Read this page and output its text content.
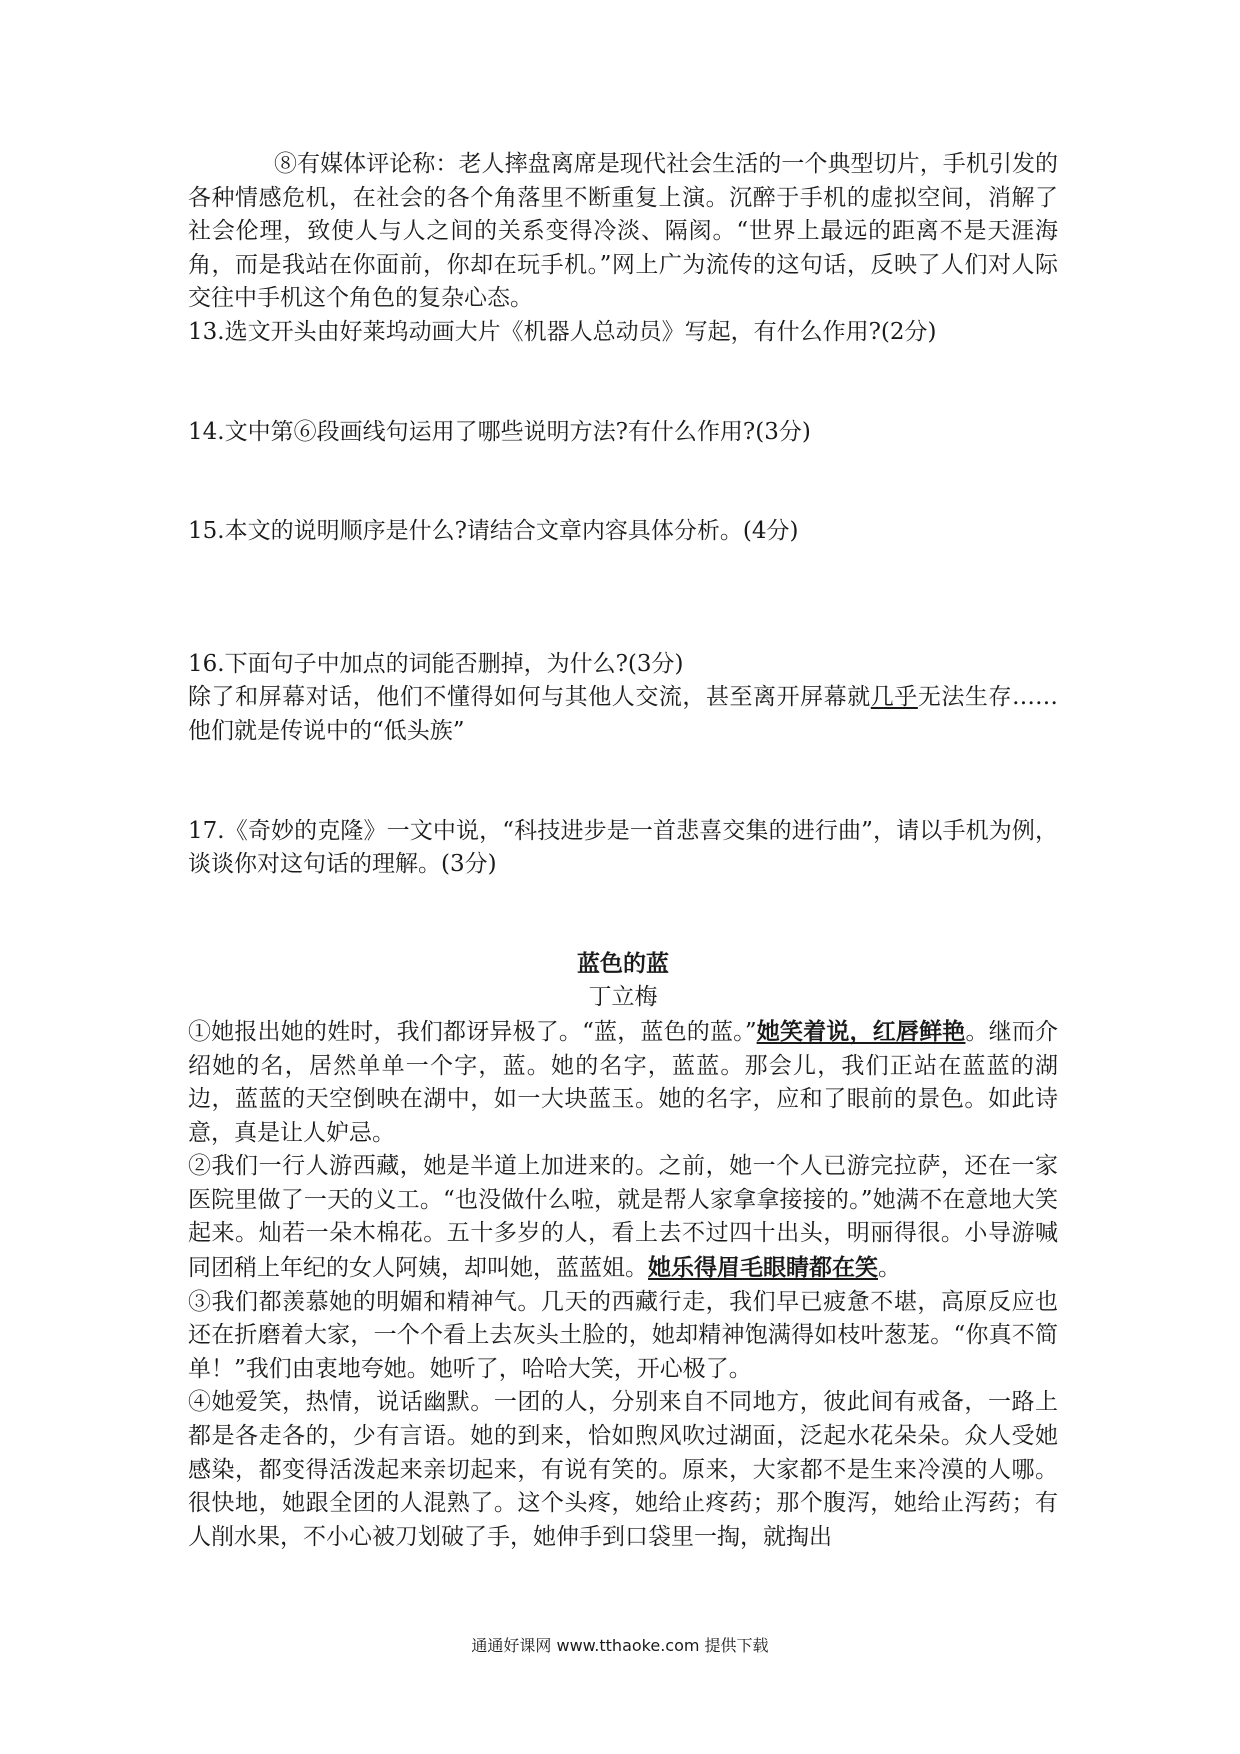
⑧有媒体评论称：老人摔盘离席是现代社会生活的一个典型切片，手机引发的各种情感危机，在社会的各个角落里不断重复上演。沉醉于手机的虚拟空间，消解了社会伦理，致使人与人之间的关系变得冷淡、隔阂。“世界上最远的距离不是天涯海角，而是我站在你面前，你却在玩手机。”网上广为流传的这句话，反映了人们对人际交往中手机这个角色的复杂心态。

13.选文开头由好莱坞动画大片《机器人总动员》写起，有什么作用?(2分)

14.文中第⑥段画线句运用了哪些说明方法?有什么作用?(3分)

15.本文的说明顺序是什么?请结合文章内容具体分析。(4分)

16.下面句子中加点的词能否删掉，为什么?(3分)

除了和屏幕对话，他们不懂得如何与其他人交流，甚至离开屏幕就几乎无法生存……他们就是传说中的“低头族”

17.《奇妙的克隆》一文中说，“科技进步是一首悲喜交集的进行曲”，请以手机为例，谈谈你对这句话的理解。(3分)

蓝色的蓝
丁立梅

①她报出她的姓时，我们都讶异极了。“蓝，蓝色的蓝。”她笑着说，红唇鲜艳。继而介绍她的名，居然单单一个字，蓝。她的名字，蓝蓝。那会儿，我们正站在蓝蓝的湖边，蓝蓝的天空倒映在湖中，如一大块蓝玉。她的名字，应和了眼前的景色。如此诗意，真是让人妒忌。

②我们一行人游西藏，她是半道上加进来的。之前，她一个人已游完拉萨，还在一家医院里做了一天的义工。“也没做什么啦，就是帮人家拿拿接接的。”她满不在意地大笑起来。灿若一朵木棉花。五十多岁的人，看上去不过四十出头，明丽得很。小导游喊同团稍上年纪的女人阿姨，却叫她，蓝蓝姐。她乐得眉毛眼睛都在笑。

③我们都羡慕她的明媚和精神气。几天的西藏行走，我们早已疲惫不堪，高原反应也还在折磨着大家，一个个看上去灰头土脸的，她却精神饱满得如枝叶葱茏。“你真不简单！”我们由衷地夸她。她听了，哈哈大笑，开心极了。

④她爱笑，热情，说话幽默。一团的人，分别来自不同地方，彼此间有戒备，一路上都是各走各的，少有言语。她的到来，恰如煦风吹过湖面，泛起水花朵朵。众人受她感染，都变得活泼起来亲切起来，有说有笑的。原来，大家都不是生来冷漠的人哪。很快地，她跟全团的人混熟了。这个头疼，她给止疼药；那个腹泻，她给止泻药；有人削水果，不小心被刀划破了手，她伸手到口袋里一掏，就掏出

通通好课网 www.tthaoke.com 提供下载
